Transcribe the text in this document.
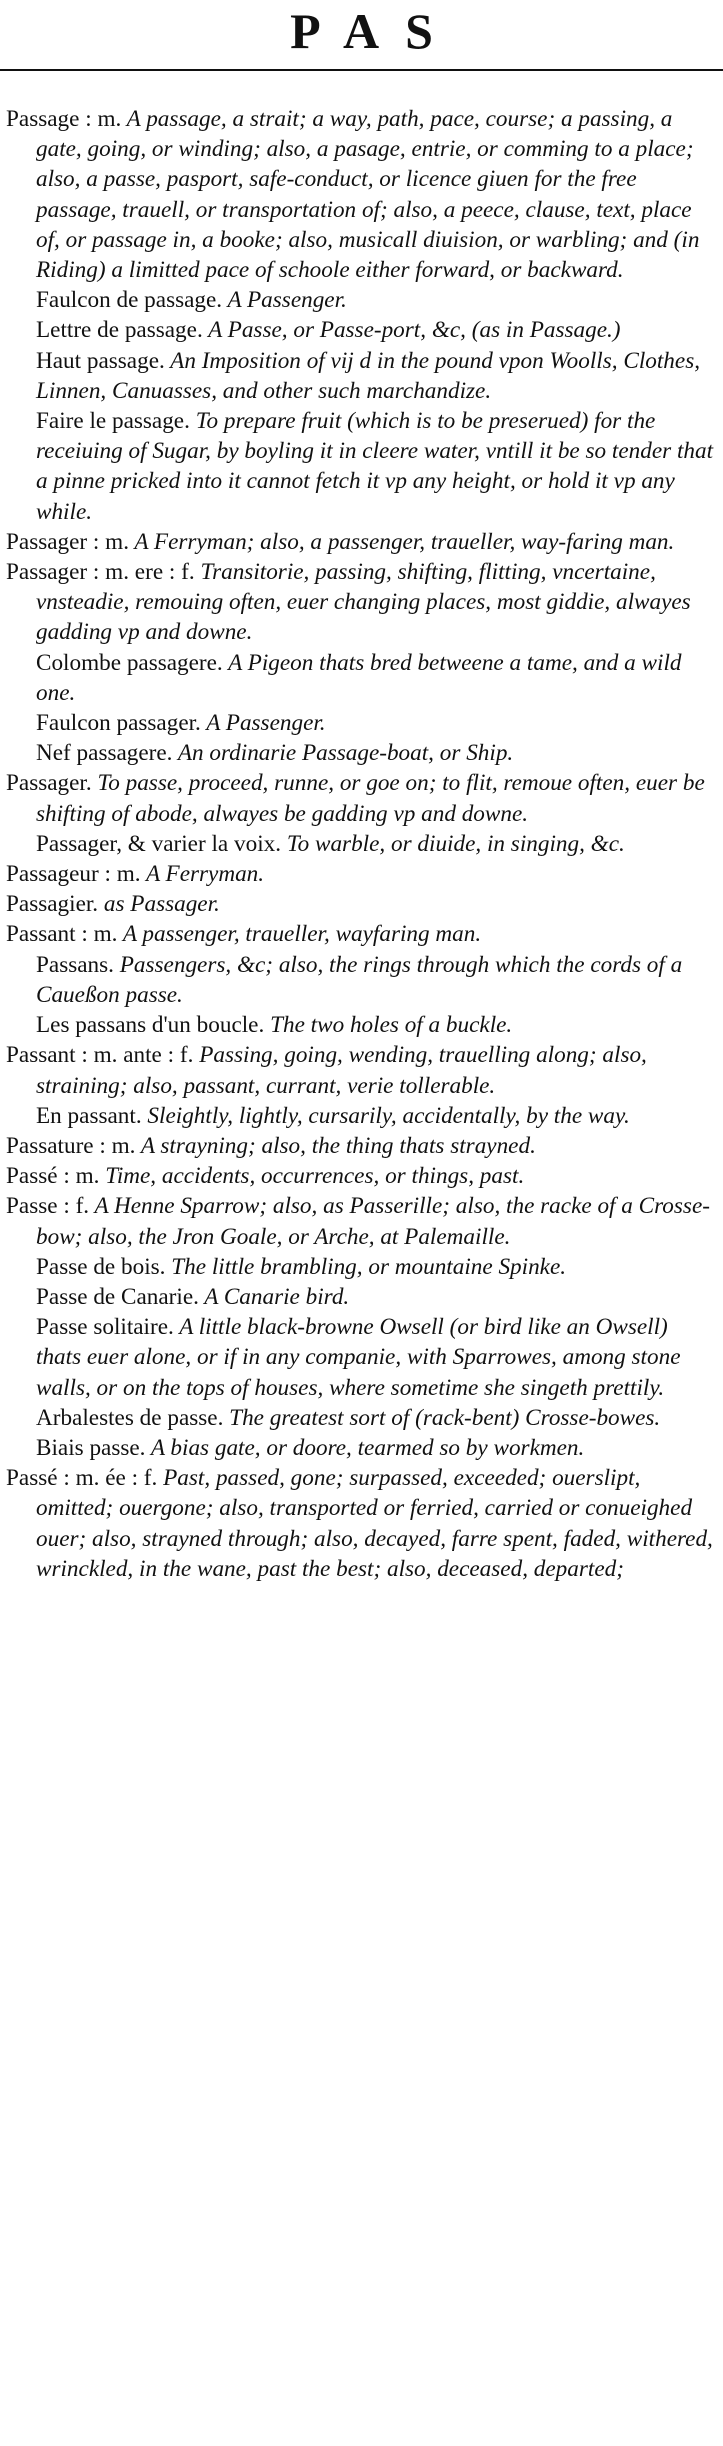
PAS

Passage : m. A passage, a strait; a way, path, pace, course; a passing, a gate, going, or winding; also, a pasage, entrie, or comming to a place; also, a passe, pasport, safe-conduct, or licence giuen for the free passage, trauell, or transportation of; also, a peece, clause, text, place of, or passage in, a booke; also, musicall diuision, or warbling; and (in Riding) a limitted pace of schoole either forward, or backward.

Faulcon de passage. A Passenger.

Lettre de passage. A Passe, or Passe-port, &c, (as in Passage.)

Haut passage. An Imposition of vij d in the pound vpon Woolls, Clothes, Linnen, Canuasses, and other such marchandize.

Faire le passage. To prepare fruit (which is to be preserued) for the receiuing of Sugar, by boyling it in cleere water, vntill it be so tender that a pinne pricked into it cannot fetch it vp any height, or hold it vp any while.

Passager : m. A Ferryman; also, a passenger, traueller, way-faring man.

Passager : m. ere : f. Transitorie, passing, shifting, flitting, vncertaine, vnsteadie, remouing often, euer changing places, most giddie, alwayes gadding vp and downe.

Colombe passagere. A Pigeon thats bred betweene a tame, and a wild one.

Faulcon passager. A Passenger.

Nef passagere. An ordinarie Passage-boat, or Ship.

Passager. To passe, proceed, runne, or goe on; to flit, remoue often, euer be shifting of abode, alwayes be gadding vp and downe.

Passager, & varier la voix. To warble, or diuide, in singing, &c.

Passageur : m. A Ferryman.

Passagier. as Passager.

Passant : m. A passenger, traueller, wayfaring man.

Passans. Passengers, &c; also, the rings through which the cords of a Caueßon passe.

Les passans d'un boucle. The two holes of a buckle.

Passant : m. ante : f. Passing, going, wending, trauelling along; also, straining; also, passant, currant, verie tollerable.

En passant. Sleightly, lightly, cursarily, accidentally, by the way.

Passature : m. A strayning; also, the thing thats strayned.

Passé : m. Time, accidents, occurrences, or things, past.

Passe : f. A Henne Sparrow; also, as Passerille; also, the racke of a Crosse-bow; also, the Jron Goale, or Arche, at Palemaille.

Passe de bois. The little brambling, or mountaine Spinke.

Passe de Canarie. A Canarie bird.

Passe solitaire. A little black-browne Owsell (or bird like an Owsell) thats euer alone, or if in any companie, with Sparrowes, among stone walls, or on the tops of houses, where sometime she singeth prettily.

Arbalestes de passe. The greatest sort of (rack-bent) Crosse-bowes.

Biais passe. A bias gate, or doore, tearmed so by workmen.

Passé : m. ée : f. Past, passed, gone; surpassed, exceeded; ouerslipt, omitted; ouergone; also, transported or ferried, carried or conueighed ouer; also, strayned through; also, decayed, farre spent, faded, withered, wrinckled, in the wane, past the best; also, deceased, departed;
